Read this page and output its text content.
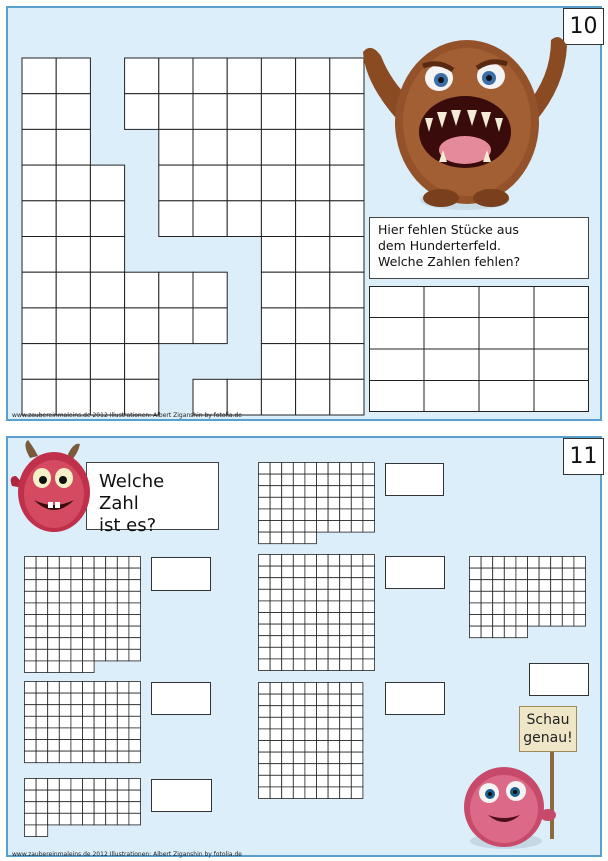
10
Hier fehlen Stücke aus
dem Hunderterfeld.
Welche Zahlen fehlen?
www.zaubereinmaleins.de 2012 Illustrationen: Albert Ziganshin by fotolia.de
11
Welche Zahl
ist es?
Schau
genau!
www.zaubereinmaleins.de 2012 Illustrationen: Albert Ziganshin by fotolia.de
